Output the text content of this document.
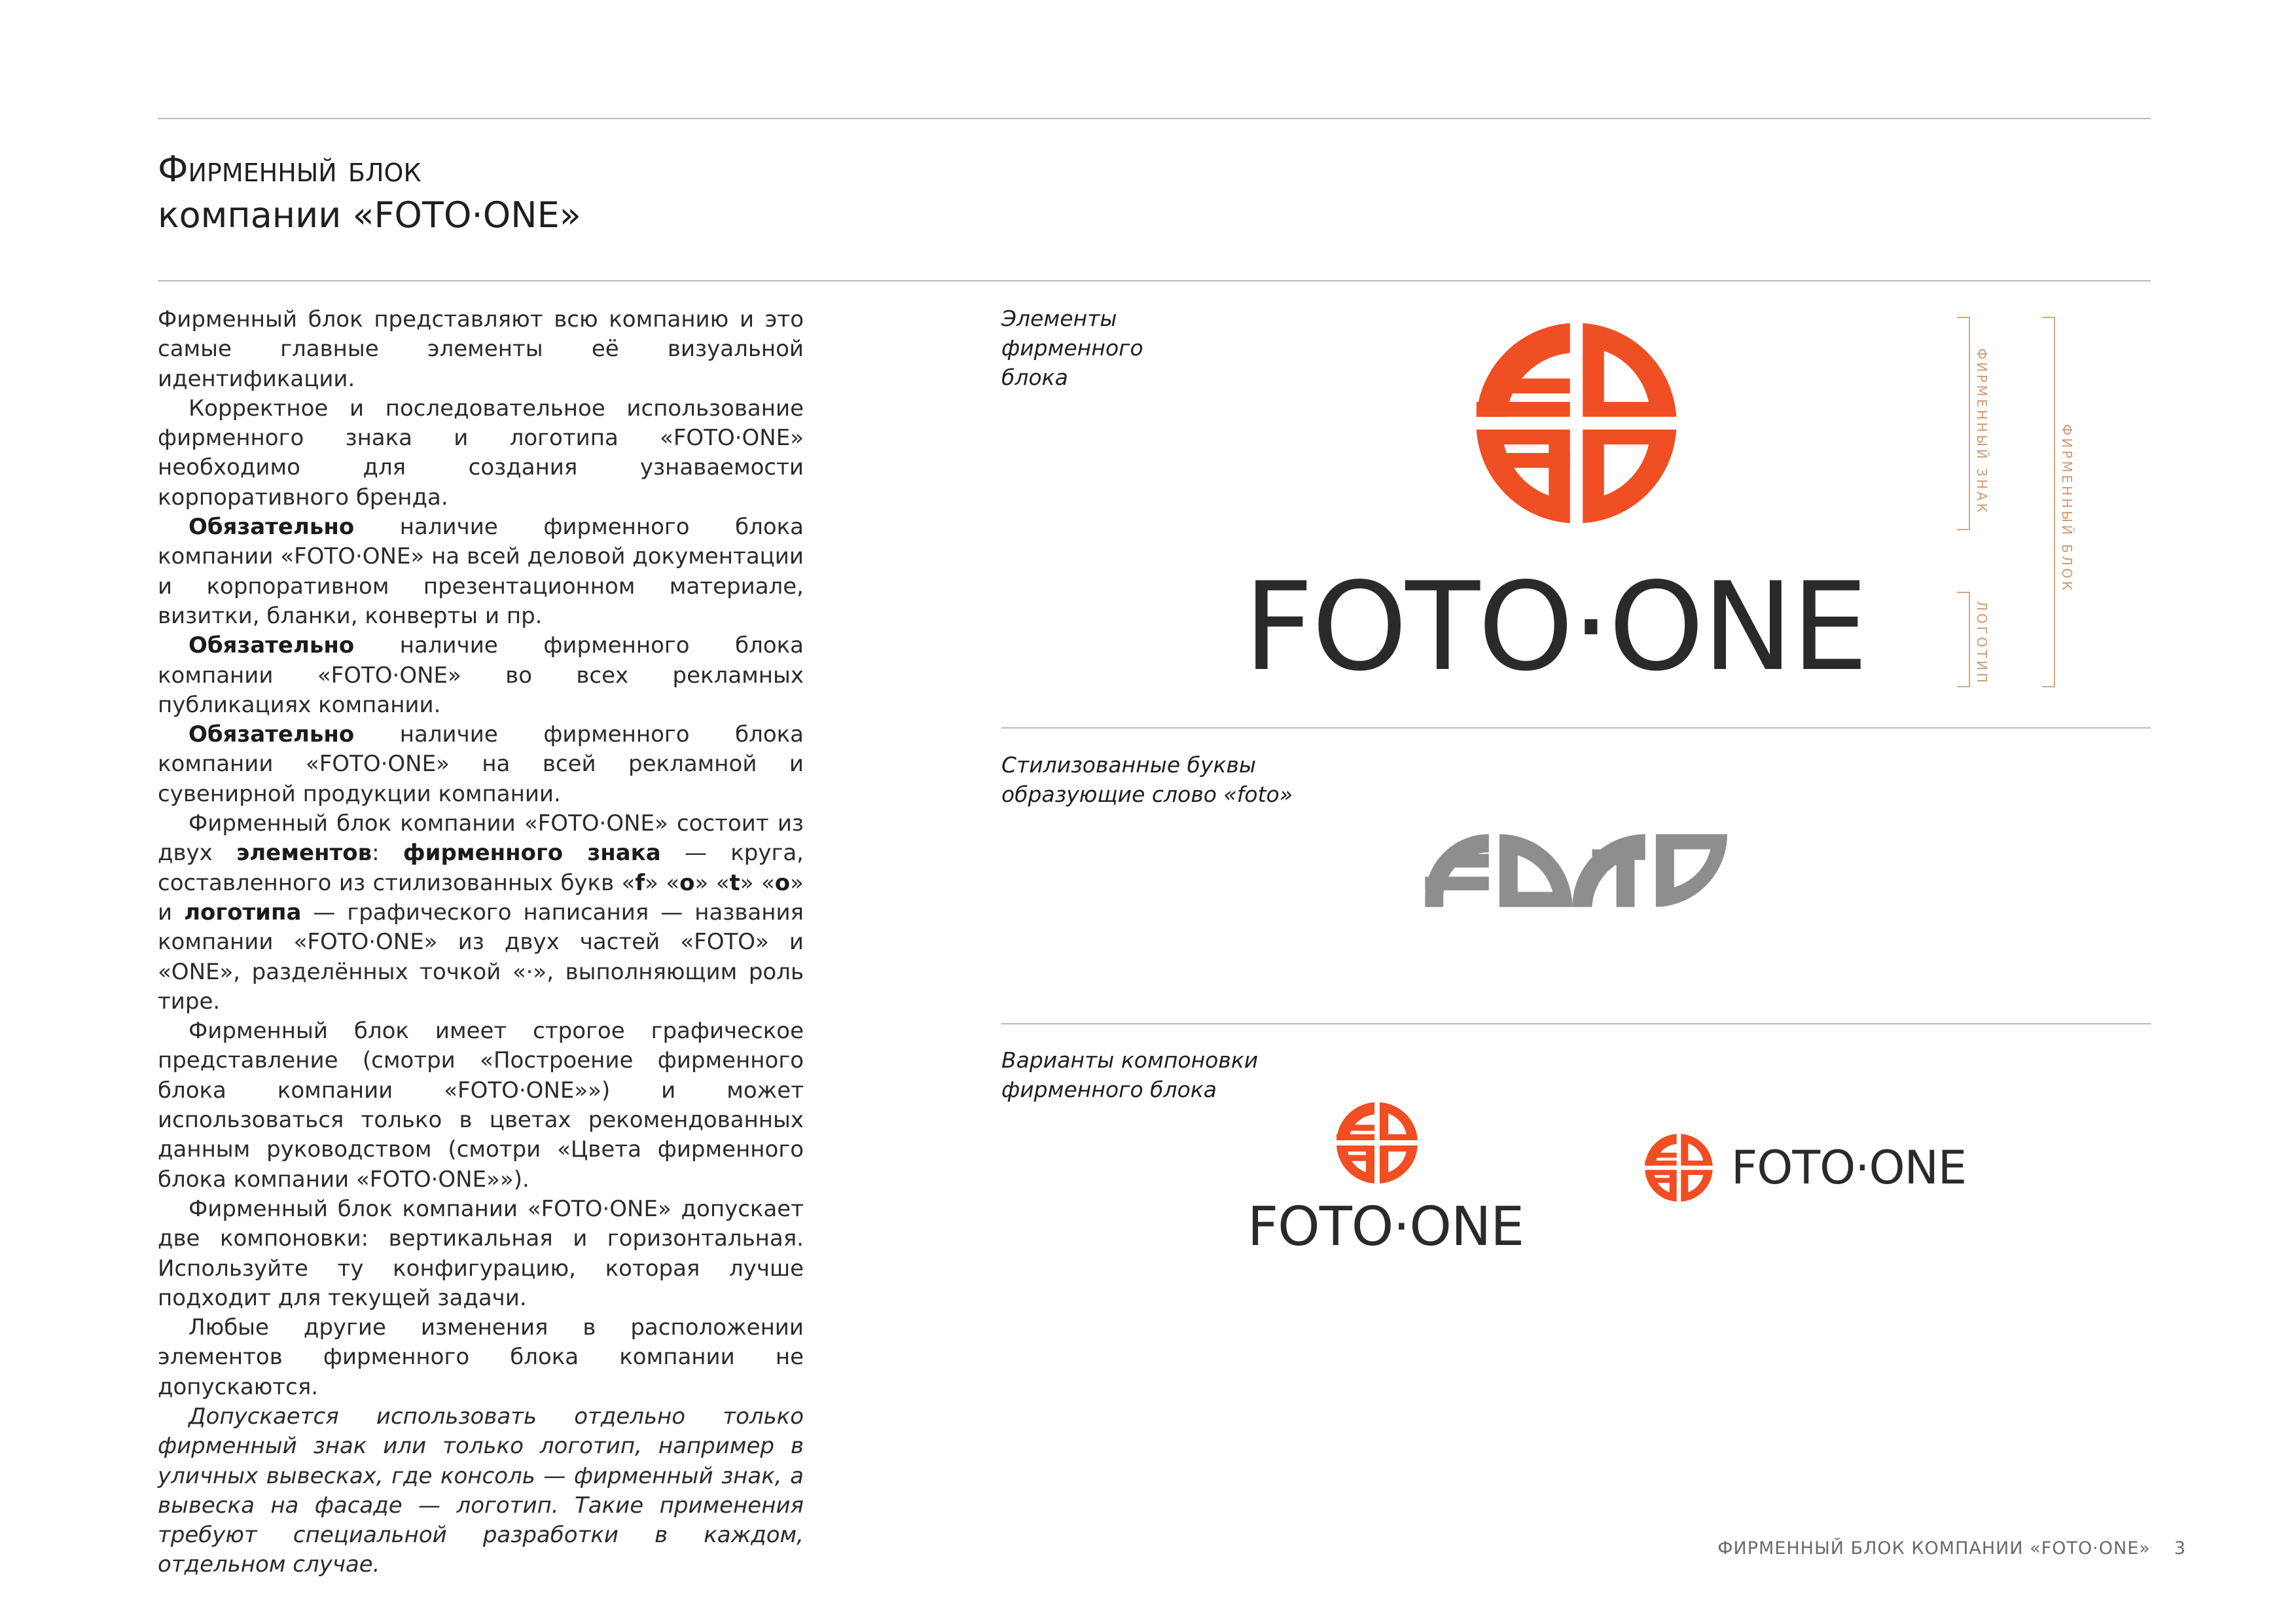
Фирменный блок
компании «FOTO·ONE»

Фирменный блок представляют всю компанию и это самые главные элементы её визуальной идентификации.

Корректное и последовательное использование фирменного знака и логотипа «FOTO·ONE» необходимо для создания узнаваемости корпоративного бренда.

Обязательно наличие фирменного блока компании «FOTO·ONE» на всей деловой документации и корпоративном презентационном материале, визитки, бланки, конверты и пр.

Обязательно наличие фирменного блока компании «FOTO·ONE» во всех рекламных публикациях компании.

Обязательно наличие фирменного блока компании «FOTO·ONE» на всей рекламной и сувенирной продукции компании.

Фирменный блок компании «FOTO·ONE» состоит из двух элементов: фирменного знака — круга, составленного из стилизованных букв «f» «o» «t» «o» и логотипа — графического написания — названия компании «FOTO·ONE» из двух частей «FOTO» и «ONE», разделённых точкой «·», выполняющим роль тире.

Фирменный блок имеет строгое графическое представление (смотри «Построение фирменного блока компании «FOTO·ONE»») и может использоваться только в цветах рекомендованных данным руководством (смотри «Цвета фирменного блока компании «FOTO·ONE»»).

Фирменный блок компании «FOTO·ONE» допускает две компоновки: вертикальная и горизонтальная. Используйте ту конфигурацию, которая лучше подходит для текущей задачи.

Любые другие изменения в расположении элементов фирменного блока компании не допускаются.

Допускается использовать отдельно только фирменный знак или только логотип, например в уличных вывесках, где консоль — фирменный знак, а вывеска на фасаде — логотип. Такие применения требуют специальной разработки в каждом, отдельном случае.

Элементы
фирменного
блока
FOTO·ONE
ФИРМЕННЫЙ ЗНАК
ЛОГОТИП
ФИРМЕННЫЙ БЛОК
Стилизованные буквы
образующие слово «foto»
Варианты компоновки
фирменного блока
FOTO·ONE
FOTO·ONE
ФИРМЕННЫЙ БЛОК КОМПАНИИ «FOTO·ONE» 3
